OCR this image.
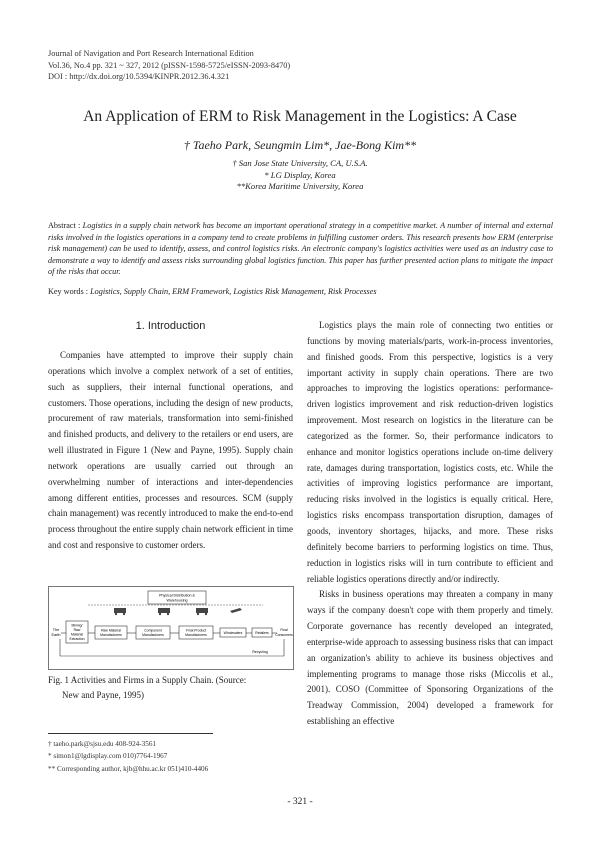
Journal of Navigation and Port Research International Edition
Vol.36, No.4 pp. 321 ~ 327, 2012 (pISSN-1598-5725/eISSN-2093-8470)
DOI : http://dx.doi.org/10.5394/KINPR.2012.36.4.321
An Application of ERM to Risk Management in the Logistics: A Case
† Taeho Park, Seungmin Lim*, Jae-Bong Kim**
† San Jose State University, CA, U.S.A.
* LG Display, Korea
**Korea Maritime University, Korea
Abstract : Logistics in a supply chain network has become an important operational strategy in a competitive market. A number of internal and external risks involved in the logistics operations in a company tend to create problems in fulfilling customer orders. This research presents how ERM (enterprise risk management) can be used to identify, assess, and control logistics risks. An electronic company's logistics activities were used as an industry case to demonstrate a way to identify and assess risks surrounding global logistics function. This paper has further presented action plans to mitigate the impact of the risks that occur.
Key words : Logistics, Supply Chain, ERM Framework, Logistics Risk Management, Risk Processes
1. Introduction

Companies have attempted to improve their supply chain operations which involve a complex network of a set of entities, such as suppliers, their internal functional operations, and customers. Those operations, including the design of new products, procurement of raw materials, transformation into semi-finished and finished products, and delivery to the retailers or end users, are well illustrated in Figure 1 (New and Payne, 1995). Supply chain network operations are usually carried out through an overwhelming number of interactions and inter-dependencies among different entities, processes and resources. SCM (supply chain management) was recently introduced to make the end-to-end process throughout the entire supply chain network efficient in time and cost and responsive to customer orders.

Logistics plays the main role of connecting two entities or functions by moving materials/parts, work-in-process inventories, and finished goods. From this perspective, logistics is a very important activity in supply chain operations. There are two approaches to improving the logistics operations: performance-driven logistics improvement and risk reduction-driven logistics improvement. Most research on logistics in the literature can be categorized as the former. So, their performance indicators to enhance and monitor logistics operations include on-time delivery rate, damages during transportation, logistics costs, etc. While the activities of improving logistics performance are important, reducing risks involved in the logistics is equally critical. Here, logistics risks encompass transportation disruption, damages of goods, inventory shortages, hijacks, and more. These risks definitely become barriers to performing logistics on time. Thus, reduction in logistics risks will in turn contribute to efficient and reliable logistics operations directly and/or indirectly.

Risks in business operations may threaten a company in many ways if the company doesn't cope with them properly and timely. Corporate governance has recently developed an integrated, enterprise-wide approach to assessing business risks that can impact an organization's ability to achieve its business objectives and implementing programs to manage those risks (Miccolis et al., 2001). COSO (Committee of Sponsoring Organizations of the Treadway Commission, 2004) developed a framework for establishing an effective

Physical Distribution &
Warehousing
The
Earth
Mining/
Raw
Material
Extraction
Raw Material
Manufacturers
Component
Manufacturers
Final Product
Manufacturers	Wholesalers	Retailers
Final
Consumers
Recycling
Fig. 1 Activities and Firms in a Supply Chain. (Source:
New and Payne, 1995)
† taeho.park@sjsu.edu 408-924-3561
* simon1@lgdisplay.com 010)7764-1967
** Corresponding author, kjb@hhu.ac.kr 051)410-4406
- 321 -
